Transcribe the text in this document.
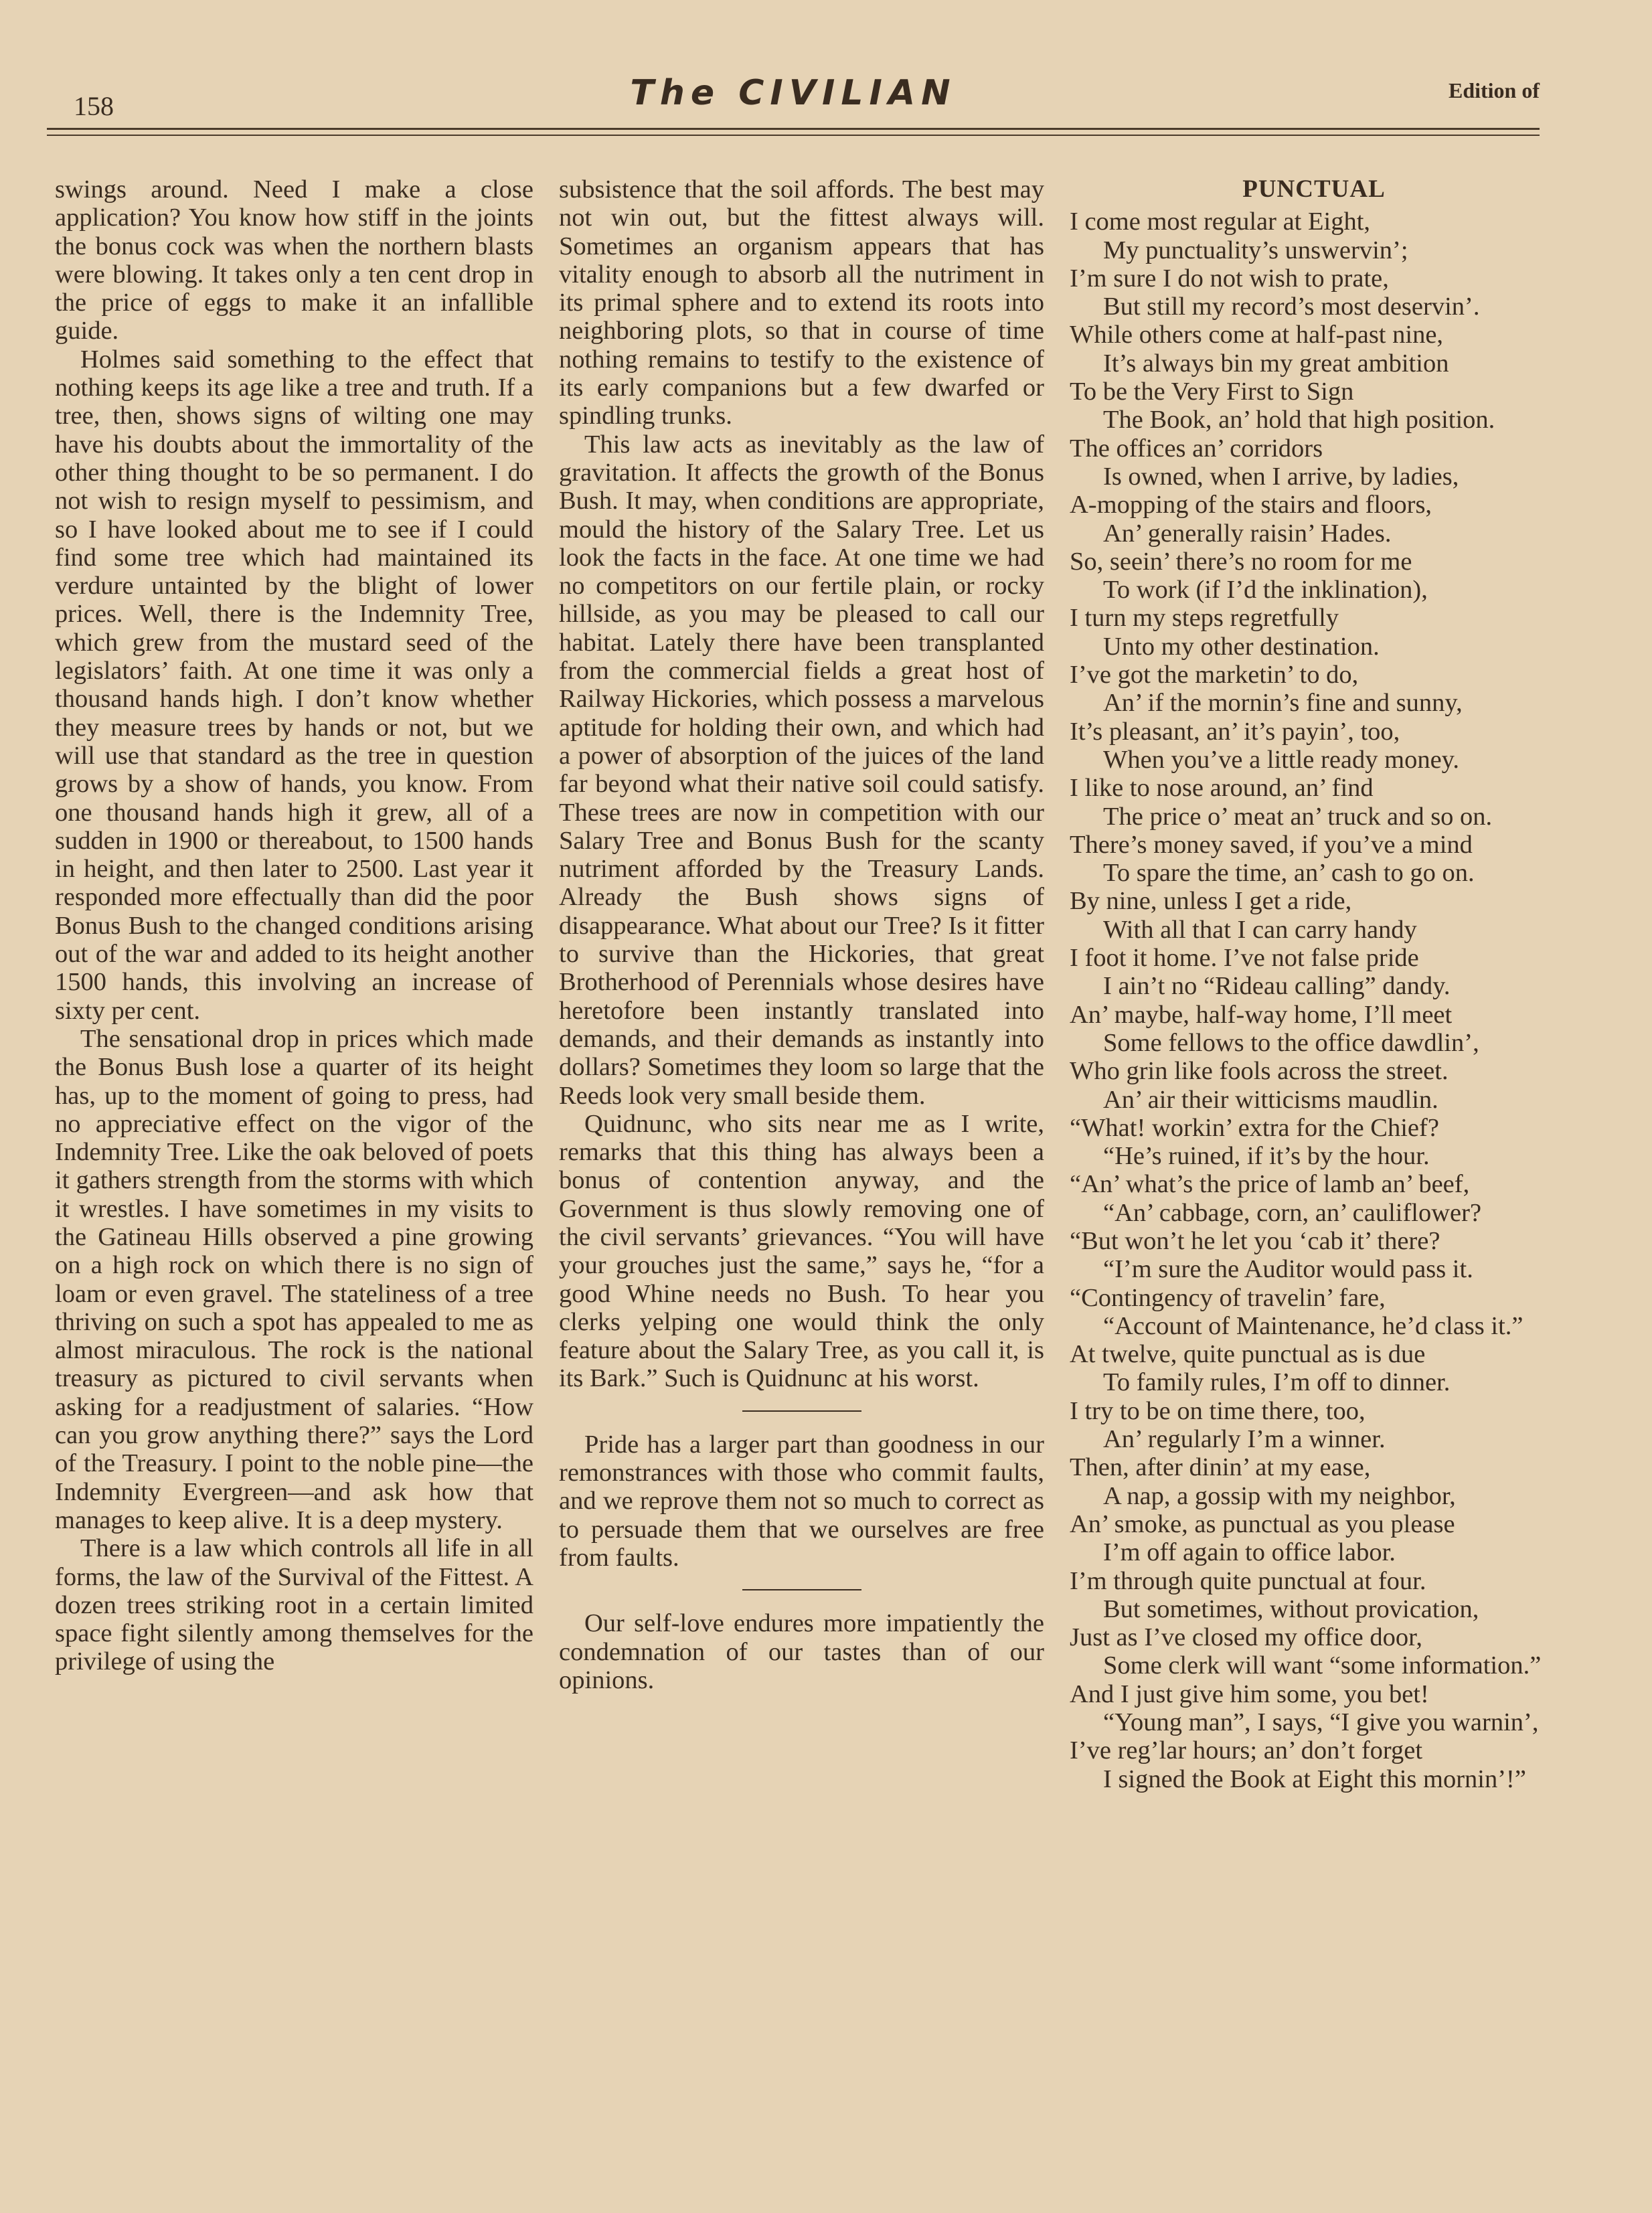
158	The CIVILIAN	Edition of

swings around. Need I make a close application? You know how stiff in the joints the bonus cock was when the northern blasts were blowing. It takes only a ten cent drop in the price of eggs to make it an infallible guide.

Holmes said something to the effect that nothing keeps its age like a tree and truth. If a tree, then, shows signs of wilting one may have his doubts about the immortality of the other thing thought to be so permanent. I do not wish to resign myself to pessimism, and so I have looked about me to see if I could find some tree which had maintained its verdure untainted by the blight of lower prices. Well, there is the Indemnity Tree, which grew from the mustard seed of the legislators’ faith. At one time it was only a thousand hands high. I don’t know whether they measure trees by hands or not, but we will use that standard as the tree in question grows by a show of hands, you know. From one thousand hands high it grew, all of a sudden in 1900 or thereabout, to 1500 hands in height, and then later to 2500. Last year it responded more effectually than did the poor Bonus Bush to the changed conditions arising out of the war and added to its height another 1500 hands, this involving an increase of sixty per cent.

The sensational drop in prices which made the Bonus Bush lose a quarter of its height has, up to the moment of going to press, had no appreciative effect on the vigor of the Indemnity Tree. Like the oak beloved of poets it gathers strength from the storms with which it wrestles. I have sometimes in my visits to the Gatineau Hills observed a pine growing on a high rock on which there is no sign of loam or even gravel. The stateliness of a tree thriving on such a spot has appealed to me as almost miraculous. The rock is the national treasury as pictured to civil servants when asking for a readjustment of salaries. “How can you grow anything there?” says the Lord of the Treasury. I point to the noble pine—the Indemnity Evergreen—and ask how that manages to keep alive. It is a deep mystery.

There is a law which controls all life in all forms, the law of the Survival of the Fittest. A dozen trees striking root in a certain limited space fight silently among themselves for the privilege of using the

subsistence that the soil affords. The best may not win out, but the fittest always will. Sometimes an organism appears that has vitality enough to absorb all the nutriment in its primal sphere and to extend its roots into neighboring plots, so that in course of time nothing remains to testify to the existence of its early companions but a few dwarfed or spindling trunks.

This law acts as inevitably as the law of gravitation. It affects the growth of the Bonus Bush. It may, when conditions are appropriate, mould the history of the Salary Tree. Let us look the facts in the face. At one time we had no competitors on our fertile plain, or rocky hillside, as you may be pleased to call our habitat. Lately there have been transplanted from the commercial fields a great host of Railway Hickories, which possess a marvelous aptitude for holding their own, and which had a power of absorption of the juices of the land far beyond what their native soil could satisfy. These trees are now in competition with our Salary Tree and Bonus Bush for the scanty nutriment afforded by the Treasury Lands. Already the Bush shows signs of disappearance. What about our Tree? Is it fitter to survive than the Hickories, that great Brotherhood of Perennials whose desires have heretofore been instantly translated into demands, and their demands as instantly into dollars? Sometimes they loom so large that the Reeds look very small beside them.

Quidnunc, who sits near me as I write, remarks that this thing has always been a bonus of contention anyway, and the Government is thus slowly removing one of the civil servants’ grievances. “You will have your grouches just the same,” says he, “for a good Whine needs no Bush. To hear you clerks yelping one would think the only feature about the Salary Tree, as you call it, is its Bark.” Such is Quidnunc at his worst.

Pride has a larger part than goodness in our remonstrances with those who commit faults, and we reprove them not so much to correct as to persuade them that we ourselves are free from faults.

Our self-love endures more impatiently the condemnation of our tastes than of our opinions.

PUNCTUAL

I come most regular at Eight,

My punctuality’s unswervin’;

I’m sure I do not wish to prate,

But still my record’s most deservin’.

While others come at half-past nine,

It’s always bin my great ambition

To be the Very First to Sign

The Book, an’ hold that high position.

The offices an’ corridors

Is owned, when I arrive, by ladies,

A-mopping of the stairs and floors,

An’ generally raisin’ Hades.

So, seein’ there’s no room for me

To work (if I’d the inklination),

I turn my steps regretfully

Unto my other destination.

I’ve got the marketin’ to do,

An’ if the mornin’s fine and sunny,

It’s pleasant, an’ it’s payin’, too,

When you’ve a little ready money.

I like to nose around, an’ find

The price o’ meat an’ truck and so on.

There’s money saved, if you’ve a mind

To spare the time, an’ cash to go on.

By nine, unless I get a ride,

With all that I can carry handy

I foot it home. I’ve not false pride

I ain’t no “Rideau calling” dandy.

An’ maybe, half-way home, I’ll meet

Some fellows to the office dawdlin’,

Who grin like fools across the street.

An’ air their witticisms maudlin.

“What! workin’ extra for the Chief?

“He’s ruined, if it’s by the hour.

“An’ what’s the price of lamb an’ beef,

“An’ cabbage, corn, an’ cauliflower?

“But won’t he let you ‘cab it’ there?

“I’m sure the Auditor would pass it.

“Contingency of travelin’ fare,

“Account of Maintenance, he’d class it.”

At twelve, quite punctual as is due

To family rules, I’m off to dinner.

I try to be on time there, too,

An’ regularly I’m a winner.

Then, after dinin’ at my ease,

A nap, a gossip with my neighbor,

An’ smoke, as punctual as you please

I’m off again to office labor.

I’m through quite punctual at four.

But sometimes, without provication,

Just as I’ve closed my office door,

Some clerk will want “some information.”

And I just give him some, you bet!

“Young man”, I says, “I give you warnin’,

I’ve reg’lar hours; an’ don’t forget

I signed the Book at Eight this mornin’!”
